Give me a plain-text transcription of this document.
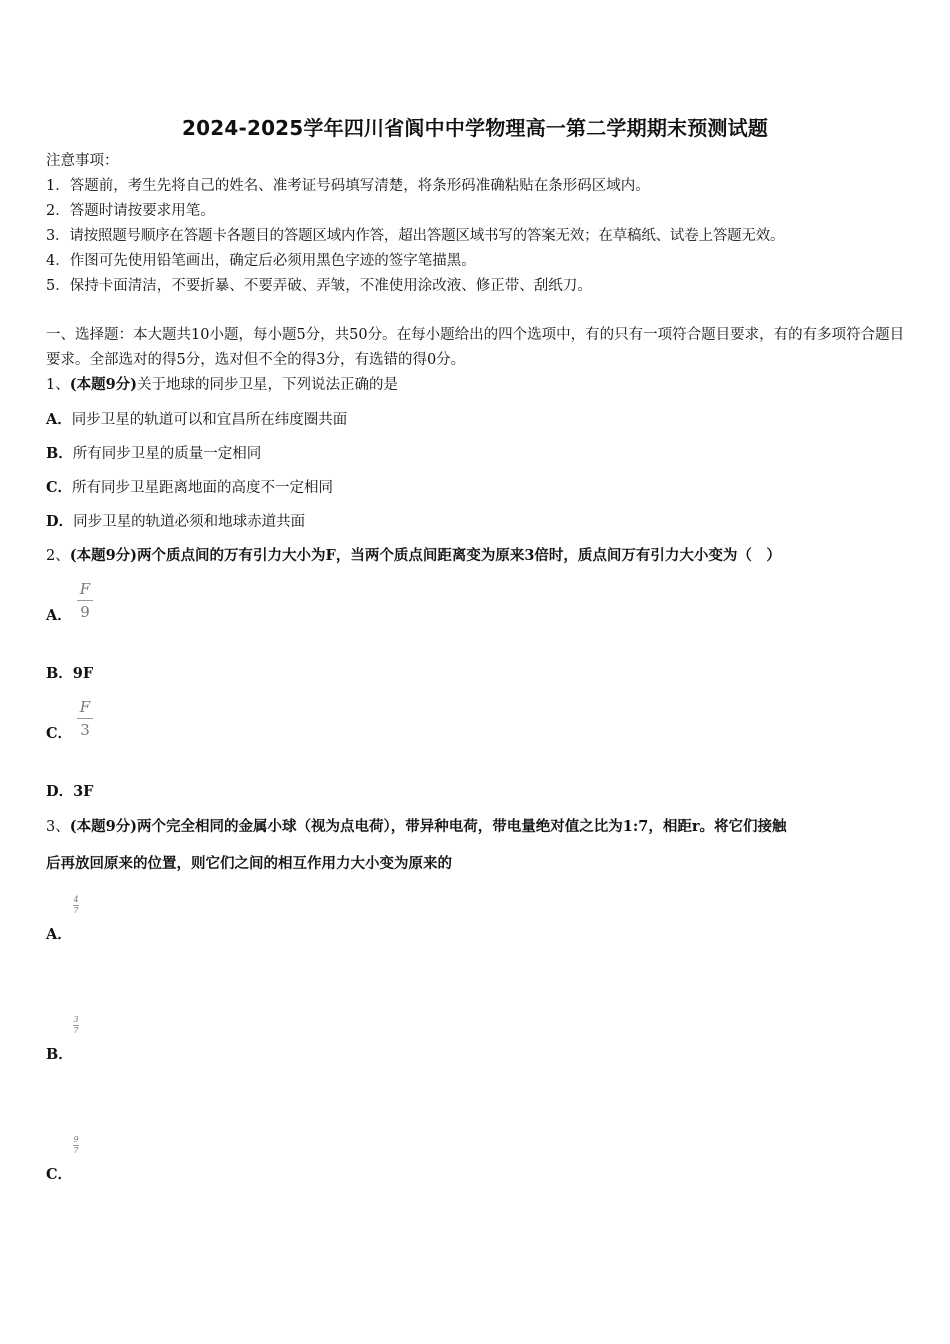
2024-2025学年四川省阆中中学物理高一第二学期期末预测试题
注意事项：
1．答题前，考生先将自己的姓名、准考证号码填写清楚，将条形码准确粘贴在条形码区域内。
2．答题时请按要求用笔。
3．请按照题号顺序在答题卡各题目的答题区域内作答，超出答题区域书写的答案无效；在草稿纸、试卷上答题无效。
4．作图可先使用铅笔画出，确定后必须用黑色字迹的签字笔描黑。
5．保持卡面清洁，不要折暴、不要弄破、弄皱，不准使用涂改液、修正带、刮纸刀。
一、选择题：本大题共10小题，每小题5分，共50分。在每小题给出的四个选项中，有的只有一项符合题目要求，有的有多项符合题目要求。全部选对的得5分，选对但不全的得3分，有选错的得0分。
1、(本题9分)关于地球的同步卫星，下列说法正确的是
A．同步卫星的轨道可以和宜昌所在纬度圈共面
B．所有同步卫星的质量一定相同
C．所有同步卫星距离地面的高度不一定相同
D．同步卫星的轨道必须和地球赤道共面
2、(本题9分)两个质点间的万有引力大小为F，当两个质点间距离变为原来3倍时，质点间万有引力大小变为（　）
F
9
A．
B．9F
F
3
C．
D．3F
3、(本题9分)两个完全相同的金属小球（视为点电荷），带异种电荷，带电量绝对值之比为1:7，相距r。将它们接触
后再放回原来的位置，则它们之间的相互作用力大小变为原来的
4
7
A．
3
7
B．
9
7
C．
